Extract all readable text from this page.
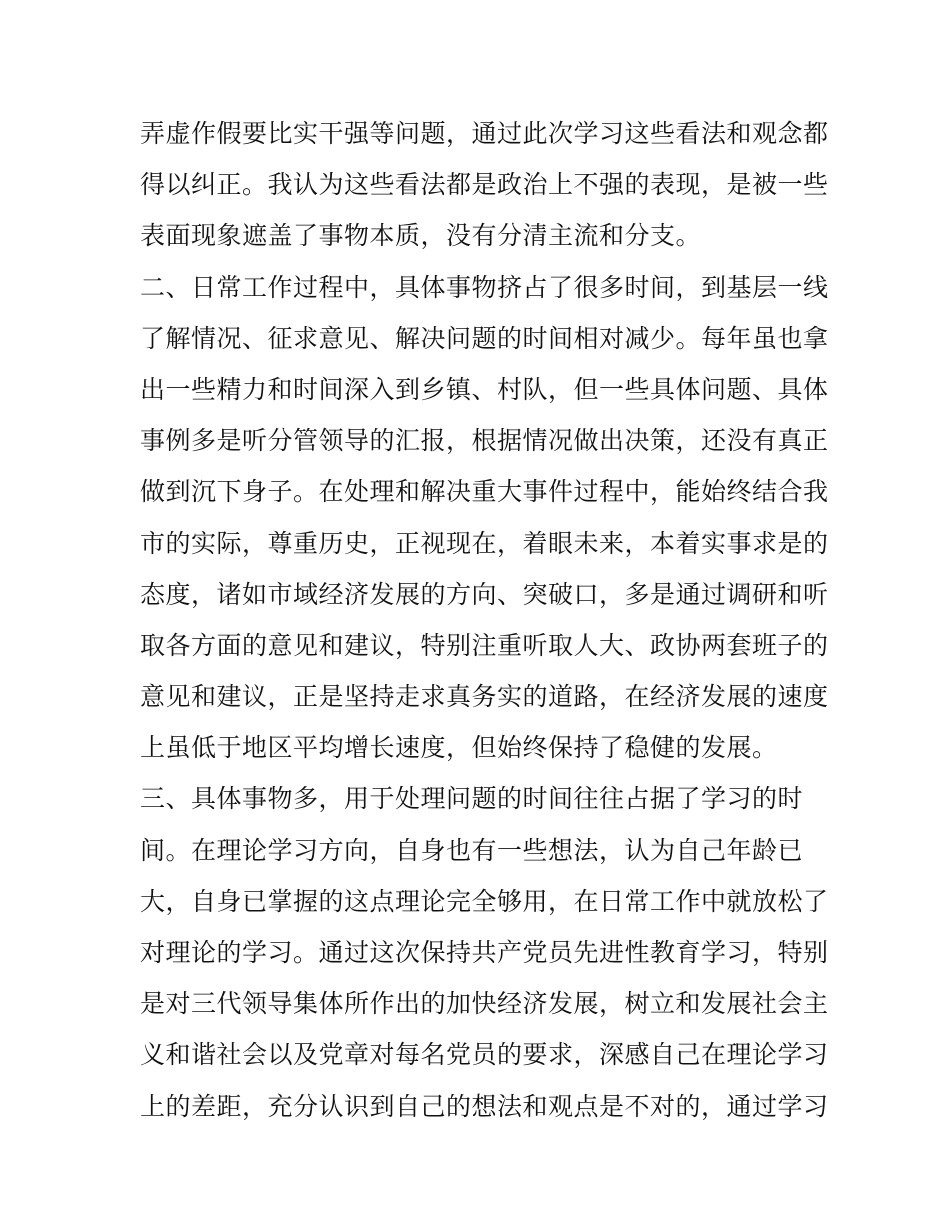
弄虚作假要比实干强等问题，通过此次学习这些看法和观念都
得以纠正。我认为这些看法都是政治上不强的表现，是被一些
表面现象遮盖了事物本质，没有分清主流和分支。
二、日常工作过程中，具体事物挤占了很多时间，到基层一线
了解情况、征求意见、解决问题的时间相对减少。每年虽也拿
出一些精力和时间深入到乡镇、村队，但一些具体问题、具体
事例多是听分管领导的汇报，根据情况做出决策，还没有真正
做到沉下身子。在处理和解决重大事件过程中，能始终结合我
市的实际，尊重历史，正视现在，着眼未来，本着实事求是的
态度，诸如市域经济发展的方向、突破口，多是通过调研和听
取各方面的意见和建议，特别注重听取人大、政协两套班子的
意见和建议，正是坚持走求真务实的道路，在经济发展的速度
上虽低于地区平均增长速度，但始终保持了稳健的发展。
三、具体事物多，用于处理问题的时间往往占据了学习的时
间。在理论学习方向，自身也有一些想法，认为自己年龄已
大，自身已掌握的这点理论完全够用，在日常工作中就放松了
对理论的学习。通过这次保持共产党员先进性教育学习，特别
是对三代领导集体所作出的加快经济发展，树立和发展社会主
义和谐社会以及党章对每名党员的要求，深感自己在理论学习
上的差距，充分认识到自己的想法和观点是不对的，通过学习
